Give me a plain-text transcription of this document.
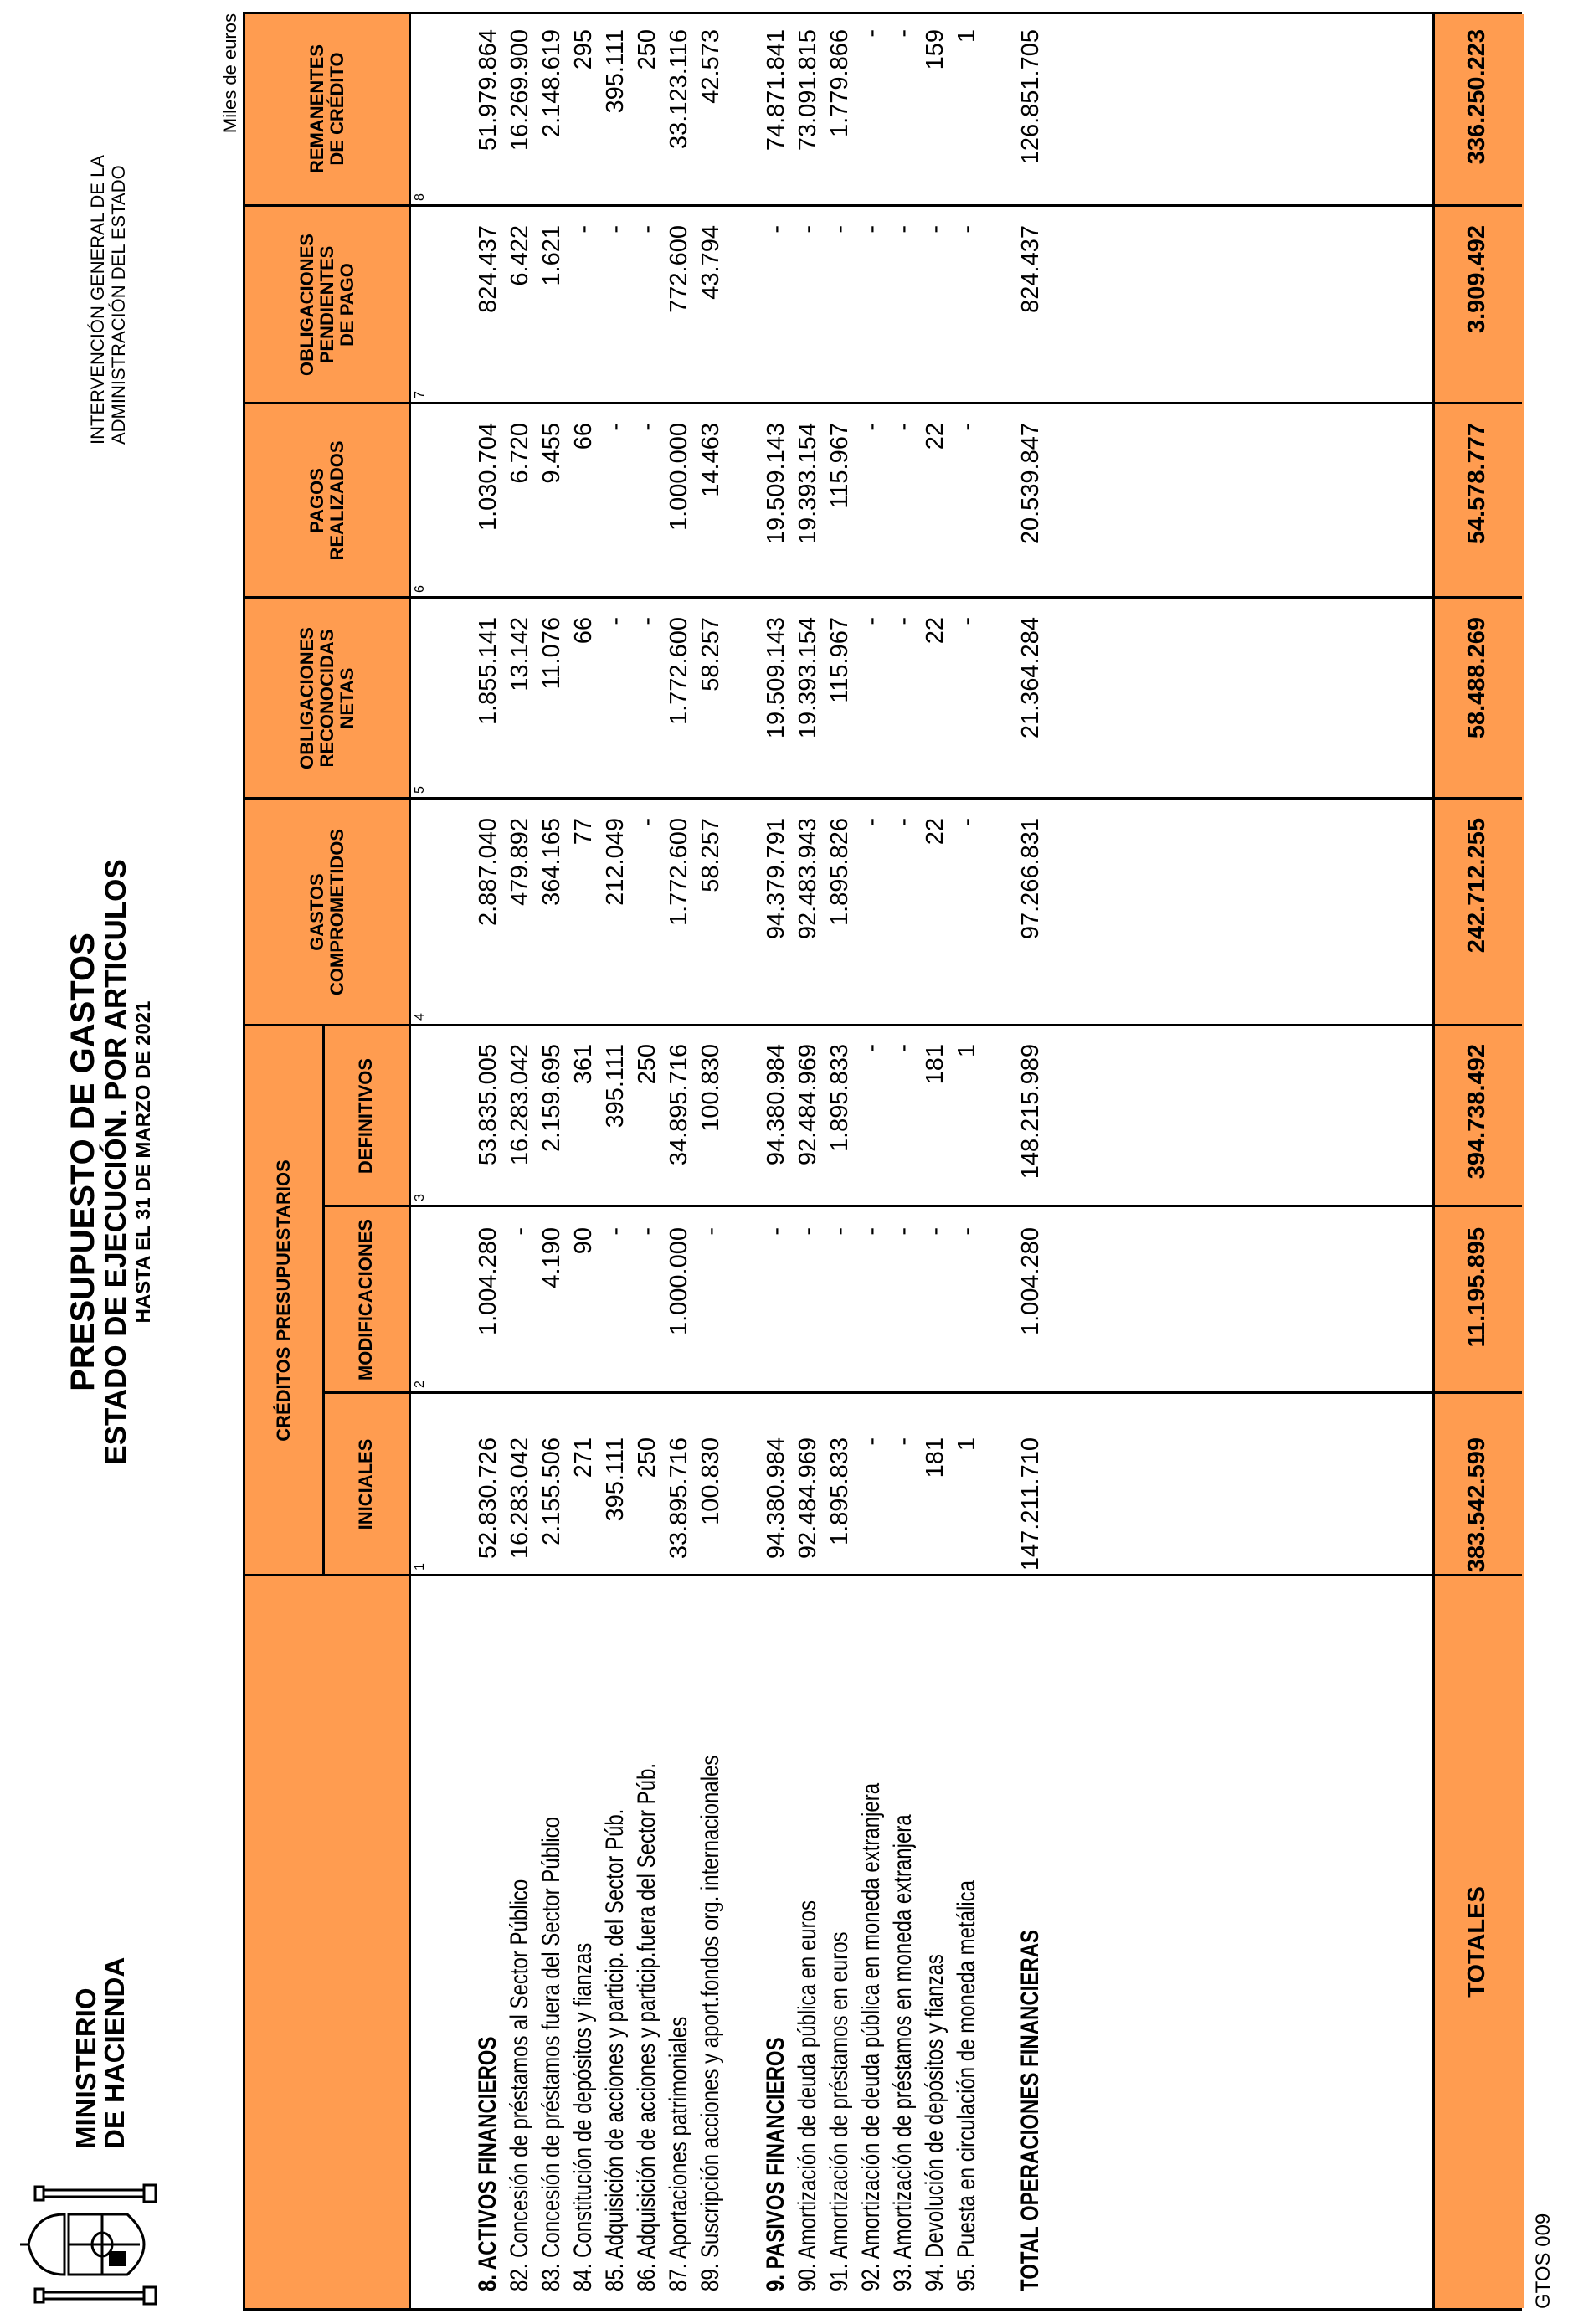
MINISTERIO
DE HACIENDA
PRESUPUESTO DE GASTOS
ESTADO DE EJECUCIÓN. POR ARTICULOS HASTA EL 31 DE MARZO DE 2021
INTERVENCIÓN GENERAL DE LA ADMINISTRACIÓN DEL ESTADO
Miles de euros
CRÉDITOS PRESUPUESTARIOS
INICIALES
1
MODIFICACIONES
2
DEFINITIVOS
3
GASTOS COMPROMETIDOS
4
OBLIGACIONES RECONOCIDAS NETAS
5
PAGOS REALIZADOS
6
OBLIGACIONES PENDIENTES DE PAGO
7
REMANENTES DE CRÉDITO
8
8. ACTIVOS FINANCIEROS
52.830.726
1.004.280
53.835.005
2.887.040
1.855.141
1.030.704
824.437
51.979.864
82. Concesión de préstamos al Sector Público
16.283.042
-
16.283.042
479.892
13.142
6.720
6.422
16.269.900
83. Concesión de préstamos fuera del Sector Público
2.155.506
4.190
2.159.695
364.165
11.076
9.455
1.621
2.148.619
84. Constitución de depósitos y fianzas
271
90
361
77
66
66
-
295
85. Adquisición de acciones y particip. del Sector Púb.
395.111
-
395.111
212.049
-
-
-
395.111
86. Adquisición de acciones y particip.fuera del Sector Púb.
250
-
250
-
-
-
-
250
87. Aportaciones patrimoniales
33.895.716
1.000.000
34.895.716
1.772.600
1.772.600
1.000.000
772.600
33.123.116
89. Suscripción acciones y aport.fondos org. internacionales
100.830
-
100.830
58.257
58.257
14.463
43.794
42.573
9. PASIVOS FINANCIEROS
94.380.984
-
94.380.984
94.379.791
19.509.143
19.509.143
-
74.871.841
90. Amortización de deuda pública en euros
92.484.969
-
92.484.969
92.483.943
19.393.154
19.393.154
-
73.091.815
91. Amortización de préstamos en euros
1.895.833
-
1.895.833
1.895.826
115.967
115.967
-
1.779.866
92. Amortización de deuda pública en moneda extranjera
-
-
-
-
-
-
-
-
93. Amortización de préstamos en moneda extranjera
-
-
-
-
-
-
-
-
94. Devolución de depósitos y fianzas
181
-
181
22
22
22
-
159
95. Puesta en circulación de moneda metálica
1
-
1
-
-
-
-
1
TOTAL OPERACIONES FINANCIERAS
147.211.710
1.004.280
148.215.989
97.266.831
21.364.284
20.539.847
824.437
126.851.705
TOTALES
383.542.599
11.195.895
394.738.492
242.712.255
58.488.269
54.578.777
3.909.492
336.250.223
GTOS 009
